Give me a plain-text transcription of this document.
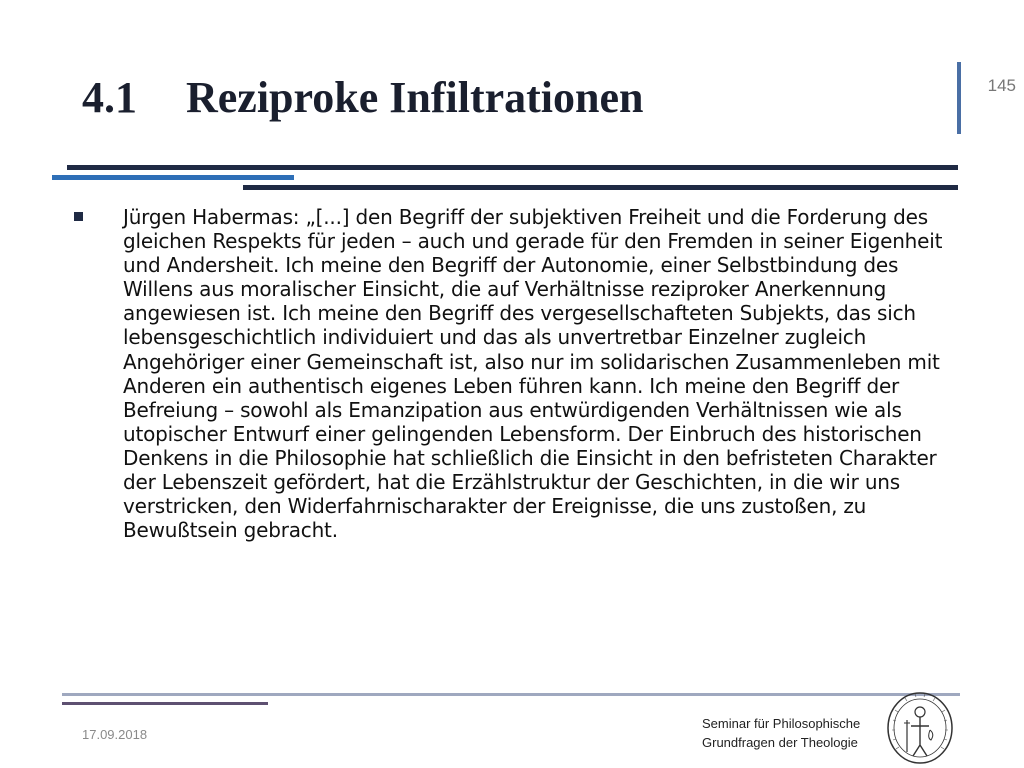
4.1 Reziproke Infiltrationen	145

Jürgen Habermas: „[...] den Begriff der subjektiven Freiheit und die Forderung des gleichen Respekts für jeden – auch und gerade für den Fremden in seiner Eigenheit und Andersheit. Ich meine den Begriff der Autonomie, einer Selbstbindung des Willens aus moralischer Einsicht, die auf Verhältnisse reziproker Anerkennung angewiesen ist. Ich meine den Begriff des vergesellschafteten Subjekts, das sich lebensgeschichtlich individuiert und das als unvertretbar Einzelner zugleich Angehöriger einer Gemeinschaft ist, also nur im solidarischen Zusammenleben mit Anderen ein authentisch eigenes Leben führen kann. Ich meine den Begriff der Befreiung – sowohl als Emanzipation aus entwürdigenden Verhältnissen wie als utopischer Entwurf einer gelingenden Lebensform. Der Einbruch des historischen Denkens in die Philosophie hat schließlich die Einsicht in den befristeten Charakter der Lebenszeit gefördert, hat die Erzählstruktur der Geschichten, in die wir uns verstricken, den Widerfahrnischarakter der Ereignisse, die uns zustoßen, zu Bewußtsein gebracht.

17.09.2018
Seminar für Philosophische
Grundfragen der Theologie
